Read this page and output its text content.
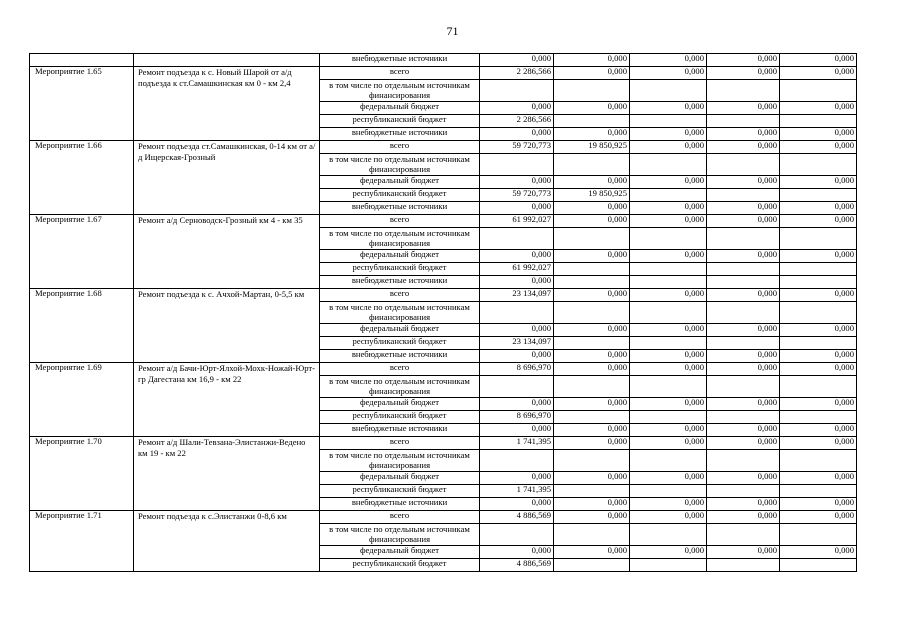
71
		внебюджетные источники	0,000	0,000	0,000	0,000	0,000
Мероприятие 1.65	Ремонт подъезда к с. Новый Шарой от а/д подъезда к ст.Самашкинская км 0 - км 2,4	всего	2 286,566	0,000	0,000	0,000	0,000
		в том числе по отдельным источникам финансирования					
		федеральный бюджет	0,000	0,000	0,000	0,000	0,000
		республиканский бюджет	2 286,566				
		внебюджетные источники	0,000	0,000	0,000	0,000	0,000
Мероприятие 1.66	Ремонт подъезда ст.Самашкинская, 0-14 км от а/д Ищерская-Грозный	всего	59 720,773	19 850,925	0,000	0,000	0,000
		в том числе по отдельным источникам финансирования					
		федеральный бюджет	0,000	0,000	0,000	0,000	0,000
		республиканский бюджет	59 720,773	19 850,925			
		внебюджетные источники	0,000	0,000	0,000	0,000	0,000
Мероприятие 1.67	Ремонт а/д Серноводск-Грозный км 4 - км 35	всего	61 992,027	0,000	0,000	0,000	0,000
		в том числе по отдельным источникам финансирования					
		федеральный бюджет	0,000	0,000	0,000	0,000	0,000
		республиканский бюджет	61 992,027				
		внебюджетные источники	0,000				
Мероприятие 1.68	Ремонт подъезда к с. Ачхой-Мартан, 0-5,5 км	всего	23 134,097	0,000	0,000	0,000	0,000
		в том числе по отдельным источникам финансирования					
		федеральный бюджет	0,000	0,000	0,000	0,000	0,000
		республиканский бюджет	23 134,097				
		внебюджетные источники	0,000	0,000	0,000	0,000	0,000
Мероприятие 1.69	Ремонт а/д Бачи-Юрт-Ялхой-Мохк-Ножай-Юрт-гр Дагестана км 16,9 - км 22	всего	8 696,970	0,000	0,000	0,000	0,000
		в том числе по отдельным источникам финансирования					
		федеральный бюджет	0,000	0,000	0,000	0,000	0,000
		республиканский бюджет	8 696,970				
		внебюджетные источники	0,000	0,000	0,000	0,000	0,000
Мероприятие 1.70	Ремонт а/д Шали-Тевзана-Элистанжи-Ведено км 19 - км 22	всего	1 741,395	0,000	0,000	0,000	0,000
		в том числе по отдельным источникам финансирования					
		федеральный бюджет	0,000	0,000	0,000	0,000	0,000
		республиканский бюджет	1 741,395				
		внебюджетные источники	0,000	0,000	0,000	0,000	0,000
Мероприятие 1.71	Ремонт подъезда к с.Элистанжи 0-8,6 км	всего	4 886,569	0,000	0,000	0,000	0,000
		в том числе по отдельным источникам финансирования					
		федеральный бюджет	0,000	0,000	0,000	0,000	0,000
		республиканский бюджет	4 886,569				
